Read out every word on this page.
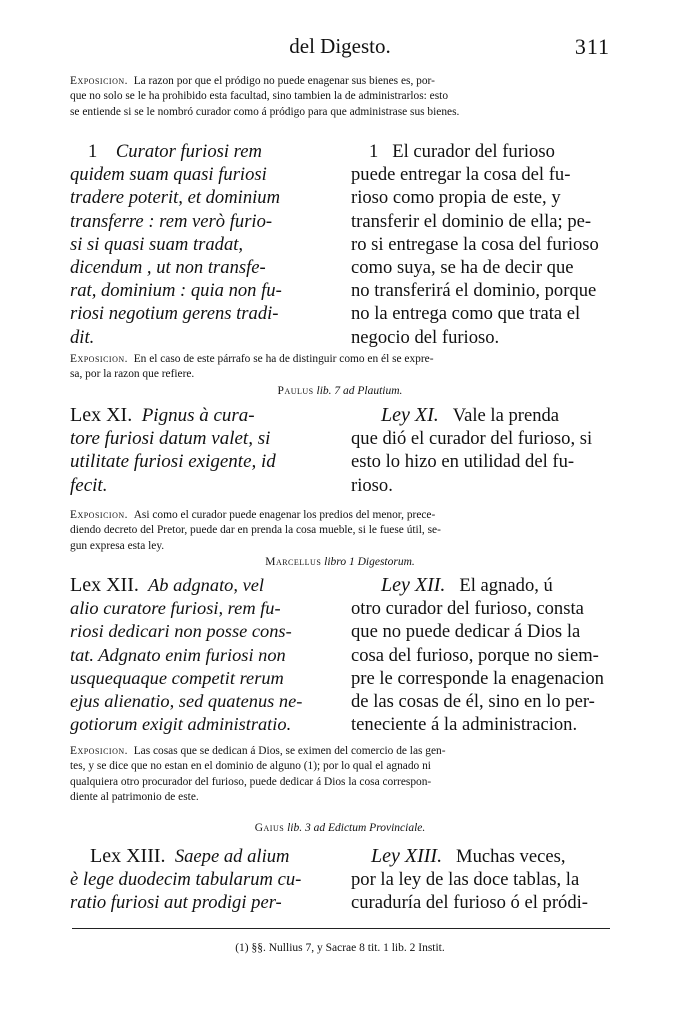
del Digesto.	311
Exposicion. La razon por que el pródigo no puede enagenar sus bienes es, por-
que no solo se le ha prohibido esta facultad, sino tambien la de administrarlos: esto
se entiende si se le nombró curador como á pródigo para que administrase sus bienes.
1 Curator furiosi rem
quidem suam quasi furiosi
tradere poterit, et dominium
transferre : rem verò furio-
si si quasi suam tradat,
dicendum , ut non transfe-
rat, dominium : quia non fu-
riosi negotium gerens tradi-
dit.
1 El curador del furioso
puede entregar la cosa del fu-
rioso como propia de este, y
transferir el dominio de ella; pe-
ro si entregase la cosa del furioso
como suya, se ha de decir que
no transferirá el dominio, porque
no la entrega como que trata el
negocio del furioso.
Exposicion. En el caso de este párrafo se ha de distinguir como en él se expre-
sa, por la razon que refiere.
Paulus lib. 7 ad Plautium.
Lex XI. Pignus à cura-
tore furiosi datum valet, si
utilitate furiosi exigente, id
fecit.
Ley XI. Vale la prenda
que dió el curador del furioso, si
esto lo hizo en utilidad del fu-
rioso.
Exposicion. Asi como el curador puede enagenar los predios del menor, prece-
diendo decreto del Pretor, puede dar en prenda la cosa mueble, si le fuese útil, se-
gun expresa esta ley.
Marcellus libro 1 Digestorum.
Lex XII. Ab adgnato, vel
alio curatore furiosi, rem fu-
riosi dedicari non posse cons-
tat. Adgnato enim furiosi non
usquequaque competit rerum
ejus alienatio, sed quatenus ne-
gotiorum exigit administratio.
Ley XII. El agnado, ú
otro curador del furioso, consta
que no puede dedicar á Dios la
cosa del furioso, porque no siem-
pre le corresponde la enagenacion
de las cosas de él, sino en lo per-
teneciente á la administracion.
Exposicion. Las cosas que se dedican á Dios, se eximen del comercio de las gen-
tes, y se dice que no estan en el dominio de alguno (1); por lo qual el agnado ni
qualquiera otro procurador del furioso, puede dedicar á Dios la cosa correspon-
diente al patrimonio de este.
Gaius lib. 3 ad Edictum Provinciale.
Lex XIII. Saepe ad alium
è lege duodecim tabularum cu-
ratio furiosi aut prodigi per-
Ley XIII. Muchas veces,
por la ley de las doce tablas, la
curaduría del furioso ó el pródi-
(1) §§. Nullius 7, y Sacrae 8 tit. 1 lib. 2 Instit.
